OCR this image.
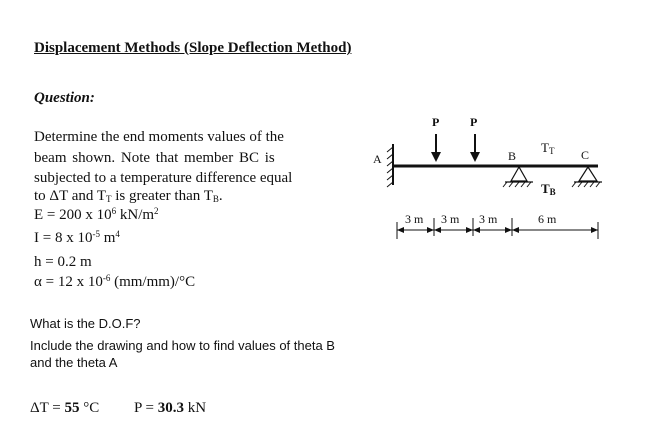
Displacement Methods (Slope Deflection Method)
Question:
Determine the end moments values of the
beam shown. Note that member BC is
subjected to a temperature difference equal
to ΔT and $T_T$ is greater than $T_B$.
E = 200 x $10^6$ $kN/m^2$
I = 8 x $10^{-5}$ $m^4$
h = 0.2 m
α = 12 x $10^{-6}$ (mm/mm)/°C
What is the D.O.F?
Include the drawing and how to find values of theta B
and the theta A
ΔT = 55 °C P = 30.3 kN
P	P
A	B	C
TT
TB
3 m 3 m 3 m	6 m
